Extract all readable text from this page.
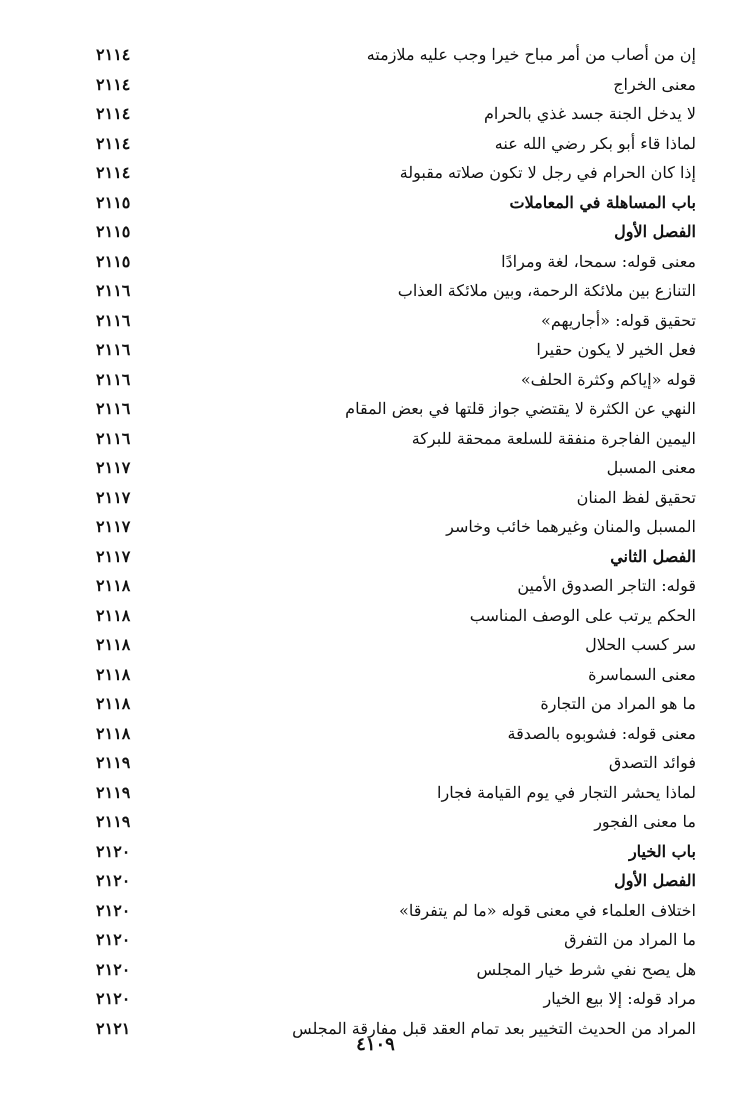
إن من أصاب من أمر مباح خيرا وجب عليه ملازمته
٢١١٤
معنى الخراج
٢١١٤
لا يدخل الجنة جسد غذي بالحرام
٢١١٤
لماذا قاء أبو بكر رضي الله عنه
٢١١٤
إذا كان الحرام في رجل لا تكون صلاته مقبولة
٢١١٤
باب المساهلة في المعاملات
٢١١٥
الفصل الأول
٢١١٥
معنى قوله: سمحا، لغة ومرادًا
٢١١٥
التنازع بين ملائكة الرحمة، وبين ملائكة العذاب
٢١١٦
تحقيق قوله: «أجاريهم»
٢١١٦
فعل الخير لا يكون حقيرا
٢١١٦
قوله «إياكم وكثرة الحلف»
٢١١٦
النهي عن الكثرة لا يقتضي جواز قلتها في بعض المقام
٢١١٦
اليمين الفاجرة منفقة للسلعة ممحقة للبركة
٢١١٦
معنى المسبل
٢١١٧
تحقيق لفظ المنان
٢١١٧
المسبل والمنان وغيرهما خائب وخاسر
٢١١٧
الفصل الثاني
٢١١٧
قوله: التاجر الصدوق الأمين
٢١١٨
الحكم يرتب على الوصف المناسب
٢١١٨
سر كسب الحلال
٢١١٨
معنى السماسرة
٢١١٨
ما هو المراد من التجارة
٢١١٨
معنى قوله: فشوبوه بالصدقة
٢١١٨
فوائد التصدق
٢١١٩
لماذا يحشر التجار في يوم القيامة فجارا
٢١١٩
ما معنى الفجور
٢١١٩
باب الخيار
٢١٢٠
الفصل الأول
٢١٢٠
اختلاف العلماء في معنى قوله «ما لم يتفرقا»
٢١٢٠
ما المراد من التفرق
٢١٢٠
هل يصح نفي شرط خيار المجلس
٢١٢٠
مراد قوله: إلا بيع الخيار
٢١٢٠
المراد من الحديث التخيير بعد تمام العقد قبل مفارقة المجلس
٢١٢١
٤١٠٩
